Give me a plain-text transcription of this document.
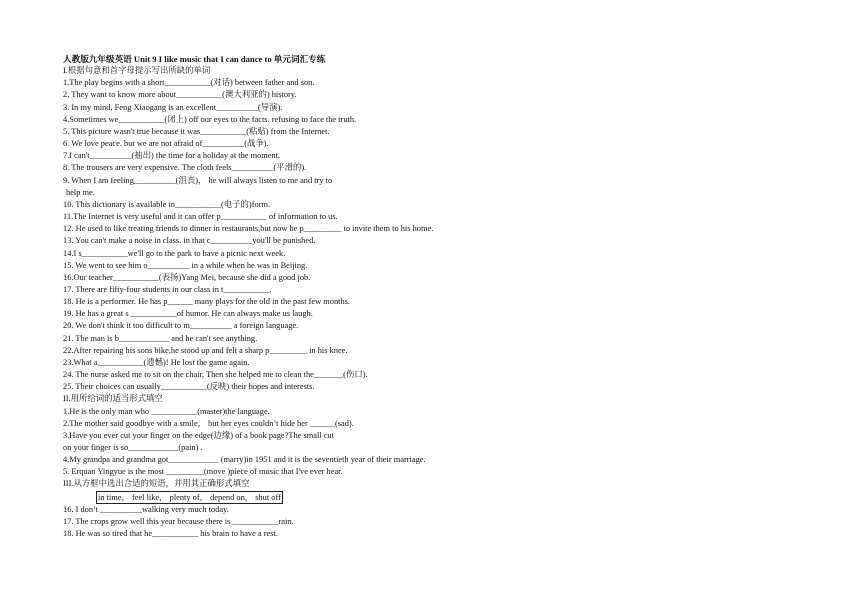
人教版九年级英语 Unit 9 I like music that I can dance to 单元词汇专练
I.根据句意和首字母提示写出所缺的单词
1.The play begins with a short___________(对话) between father and son.
2. They want to know more about___________(澳大利亚的) history.
3. In my mind, Feng Xiaogang is an excellent__________(导演).
4.Sometimes we___________(闭上) off our eyes to the facts. refusing to face the truth.
5. This picture wasn't true because it was___________(粘贴) from the Internet.
6. We love peace. but we are not afraid of__________(战争).
7.I can't__________(抽出) the time for a holiday at the moment.
8. The trousers are very expensive. The cloth feels__________(平滑的).
9. When I am feeling__________(沮丧)， he will always listen to me and try to
help me.
10. This dictionary is available in___________(电子的)form.
11.The Internet is very useful and it can offer p___________ of information to us.
12. He used to like treating friends to dinner in restaurants,but now he p_________ to invite them to his home.
13. You can't make a noise in class. in that c__________you'll be punished.
14.I s___________we'll go to the park to have a picnic next week.
15. We went to see him o__________ in a while when he was in Beijing.
16.Our teacher___________(表扬)Yang Mei, because she did a good job.
17. There are fifty-four students in our class in t___________.
18. He is a performer. He has p______ many plays for the old in the past few months.
19. He has a great s ___________of humor. He can always make us laugh.
20. We don't think it too difficult to m__________ a foreign language.
21. The man is b____________ and he can't see anything.
22.After repairing his sons bike,he stood up and felt a sharp p_________ in his knee.
23.What a___________(遗憾)! He lost the game again.
24. The nurse asked me to sit on the chair. Then she helped me to clean the_______(伤口).
25. Their choices can usually___________(反映) their hopes and interests.
II.用所给词的适当形式填空
1.He is the only man who ___________(master)the language.
2.The mother said goodbye with a smile， but her eyes couldn’t hide her ______(sad).
3.Have you ever cut your finger on the edge(边缘) of a book page?The small cut
on your finger is so____________(pain) .
4.My grandpa and grandma got____________ (marry)in 1951 and it is the seventieth year of their marriage.
5. Erquan Yingyue is the most _________(move )piece of music that I've ever hear.
III.从方框中选出合适的短语，并用其正确形式填空
in time， feel like， plenty of， depend on， shut off
16. I don’t __________walking very much today.
17. The crops grow well this year because there is ___________rain.
18. He was so tired that he___________ his brain to have a rest.
